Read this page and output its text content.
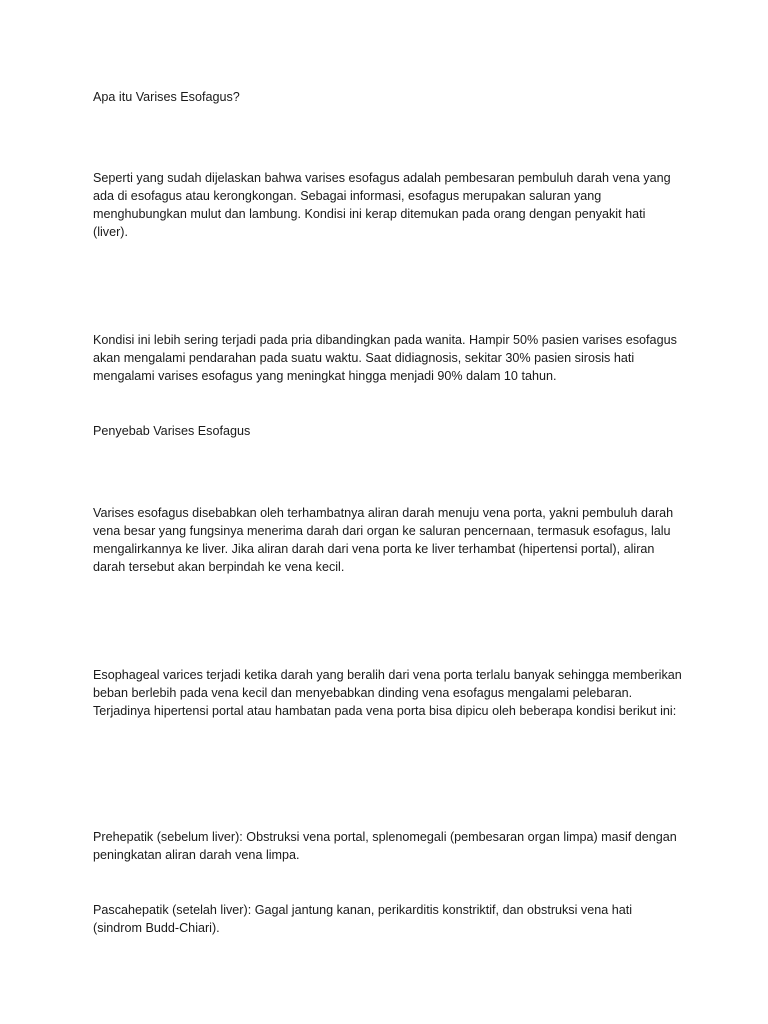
Apa itu Varises Esofagus?

Seperti yang sudah dijelaskan bahwa varises esofagus adalah pembesaran pembuluh darah vena yang ada di esofagus atau kerongkongan. Sebagai informasi, esofagus merupakan saluran yang menghubungkan mulut dan lambung. Kondisi ini kerap ditemukan pada orang dengan penyakit hati (liver).

Kondisi ini lebih sering terjadi pada pria dibandingkan pada wanita. Hampir 50% pasien varises esofagus akan mengalami pendarahan pada suatu waktu. Saat didiagnosis, sekitar 30% pasien sirosis hati mengalami varises esofagus yang meningkat hingga menjadi 90% dalam 10 tahun.

Penyebab Varises Esofagus

Varises esofagus disebabkan oleh terhambatnya aliran darah menuju vena porta, yakni pembuluh darah vena besar yang fungsinya menerima darah dari organ ke saluran pencernaan, termasuk esofagus, lalu mengalirkannya ke liver. Jika aliran darah dari vena porta ke liver terhambat (hipertensi portal), aliran darah tersebut akan berpindah ke vena kecil.

Esophageal varices terjadi ketika darah yang beralih dari vena porta terlalu banyak sehingga memberikan beban berlebih pada vena kecil dan menyebabkan dinding vena esofagus mengalami pelebaran. Terjadinya hipertensi portal atau hambatan pada vena porta bisa dipicu oleh beberapa kondisi berikut ini:

Prehepatik (sebelum liver): Obstruksi vena portal, splenomegali (pembesaran organ limpa) masif dengan peningkatan aliran darah vena limpa.

Pascahepatik (setelah liver): Gagal jantung kanan, perikarditis konstriktif, dan obstruksi vena hati (sindrom Budd-Chiari).
